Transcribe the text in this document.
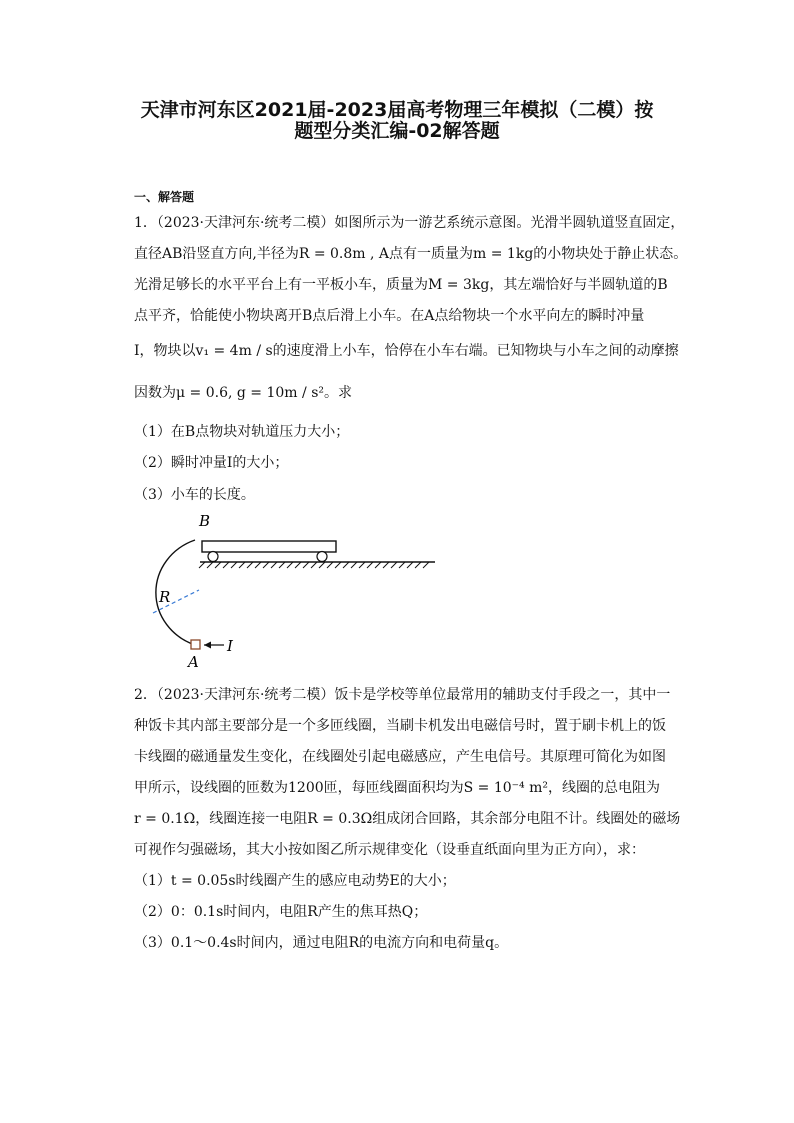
天津市河东区2021届-2023届高考物理三年模拟（二模）按
题型分类汇编-02解答题
一、解答题
1．（2023·天津河东·统考二模）如图所示为一游艺系统示意图。光滑半圆轨道竖直固定，
直径AB沿竖直方向,半径为R = 0.8m , A点有一质量为m = 1kg的小物块处于静止状态。
光滑足够长的水平平台上有一平板小车，质量为M = 3kg，其左端恰好与半圆轨道的B
点平齐，恰能使小物块离开B点后滑上小车。在A点给物块一个水平向左的瞬时冲量
I，物块以v₁ = 4m / s的速度滑上小车，恰停在小车右端。已知物块与小车之间的动摩擦
因数为μ = 0.6, g = 10m / s²。求
（1）在B点物块对轨道压力大小；
（2）瞬时冲量I的大小；
（3）小车的长度。
B
R
A
I
2．（2023·天津河东·统考二模）饭卡是学校等单位最常用的辅助支付手段之一，其中一
种饭卡其内部主要部分是一个多匝线圈，当刷卡机发出电磁信号时，置于刷卡机上的饭
卡线圈的磁通量发生变化，在线圈处引起电磁感应，产生电信号。其原理可简化为如图
甲所示，设线圈的匝数为1200匝，每匝线圈面积均为S = 10⁻⁴ m²，线圈的总电阻为
r = 0.1Ω，线圈连接一电阻R = 0.3Ω组成闭合回路，其余部分电阻不计。线圈处的磁场
可视作匀强磁场，其大小按如图乙所示规律变化（设垂直纸面向里为正方向），求：
（1）t = 0.05s时线圈产生的感应电动势E的大小；
（2）0：0.1s时间内，电阻R产生的焦耳热Q；
（3）0.1～0.4s时间内，通过电阻R的电流方向和电荷量q。
